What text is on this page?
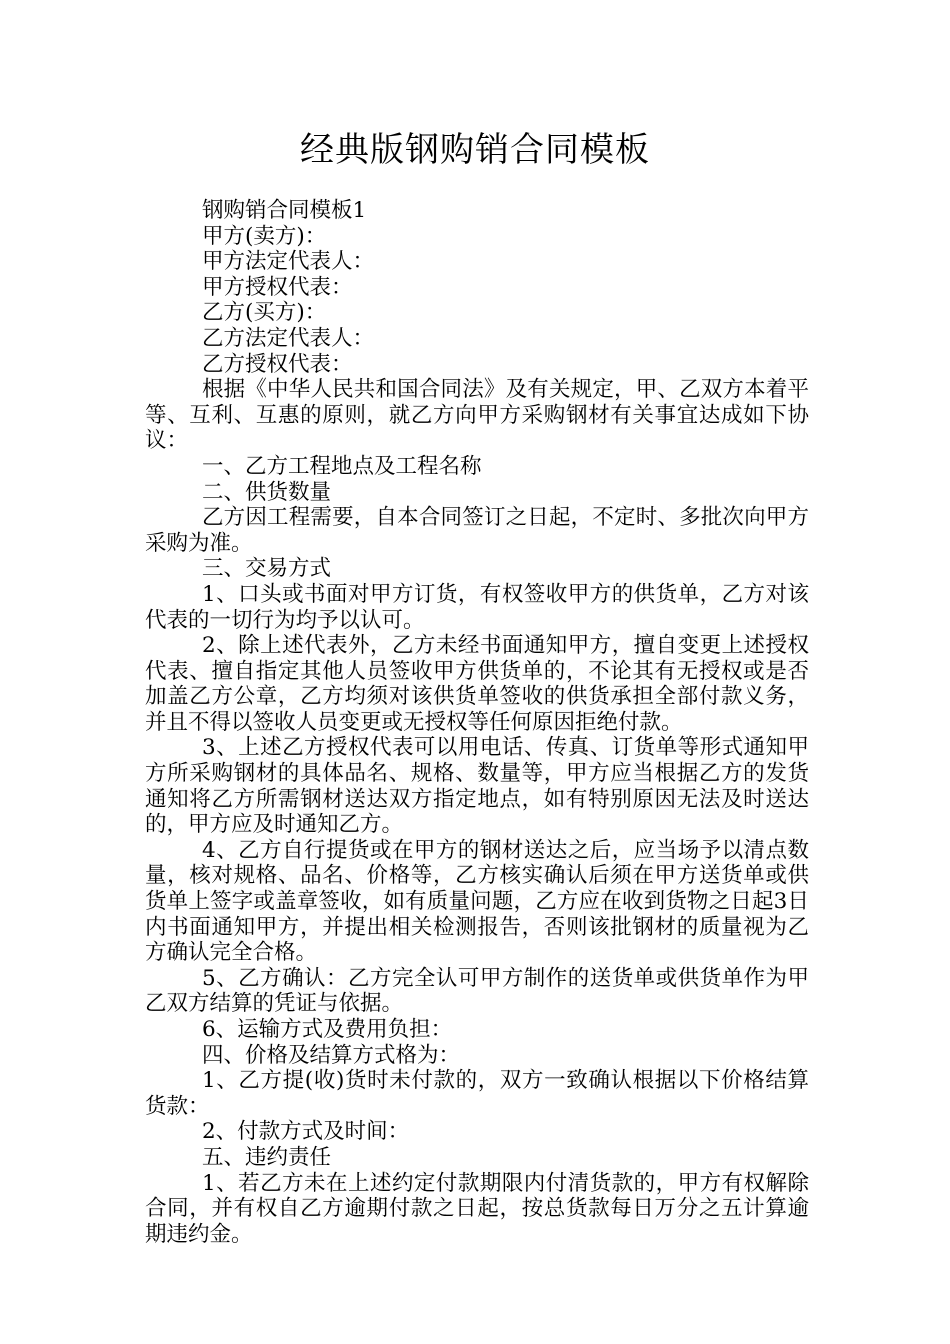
经典版钢购销合同模板

钢购销合同模板1

甲方(卖方)：

甲方法定代表人：

甲方授权代表：

乙方(买方)：

乙方法定代表人：

乙方授权代表：

根据《中华人民共和国合同法》及有关规定，甲、乙双方本着平等、互利、互惠的原则，就乙方向甲方采购钢材有关事宜达成如下协议：

一、乙方工程地点及工程名称

二、供货数量

乙方因工程需要，自本合同签订之日起，不定时、多批次向甲方采购为准。

三、交易方式

1、口头或书面对甲方订货，有权签收甲方的供货单，乙方对该代表的一切行为均予以认可。

2、除上述代表外，乙方未经书面通知甲方，擅自变更上述授权代表、擅自指定其他人员签收甲方供货单的，不论其有无授权或是否加盖乙方公章，乙方均须对该供货单签收的供货承担全部付款义务，并且不得以签收人员变更或无授权等任何原因拒绝付款。

3、上述乙方授权代表可以用电话、传真、订货单等形式通知甲方所采购钢材的具体品名、规格、数量等，甲方应当根据乙方的发货通知将乙方所需钢材送达双方指定地点，如有特别原因无法及时送达的，甲方应及时通知乙方。

4、乙方自行提货或在甲方的钢材送达之后，应当场予以清点数量，核对规格、品名、价格等，乙方核实确认后须在甲方送货单或供货单上签字或盖章签收，如有质量问题，乙方应在收到货物之日起3日内书面通知甲方，并提出相关检测报告，否则该批钢材的质量视为乙方确认完全合格。

5、乙方确认：乙方完全认可甲方制作的送货单或供货单作为甲乙双方结算的凭证与依据。

6、运输方式及费用负担：

四、价格及结算方式格为：

1、乙方提(收)货时未付款的，双方一致确认根据以下价格结算货款：

2、付款方式及时间：

五、违约责任

1、若乙方未在上述约定付款期限内付清货款的，甲方有权解除合同，并有权自乙方逾期付款之日起，按总货款每日万分之五计算逾期违约金。
